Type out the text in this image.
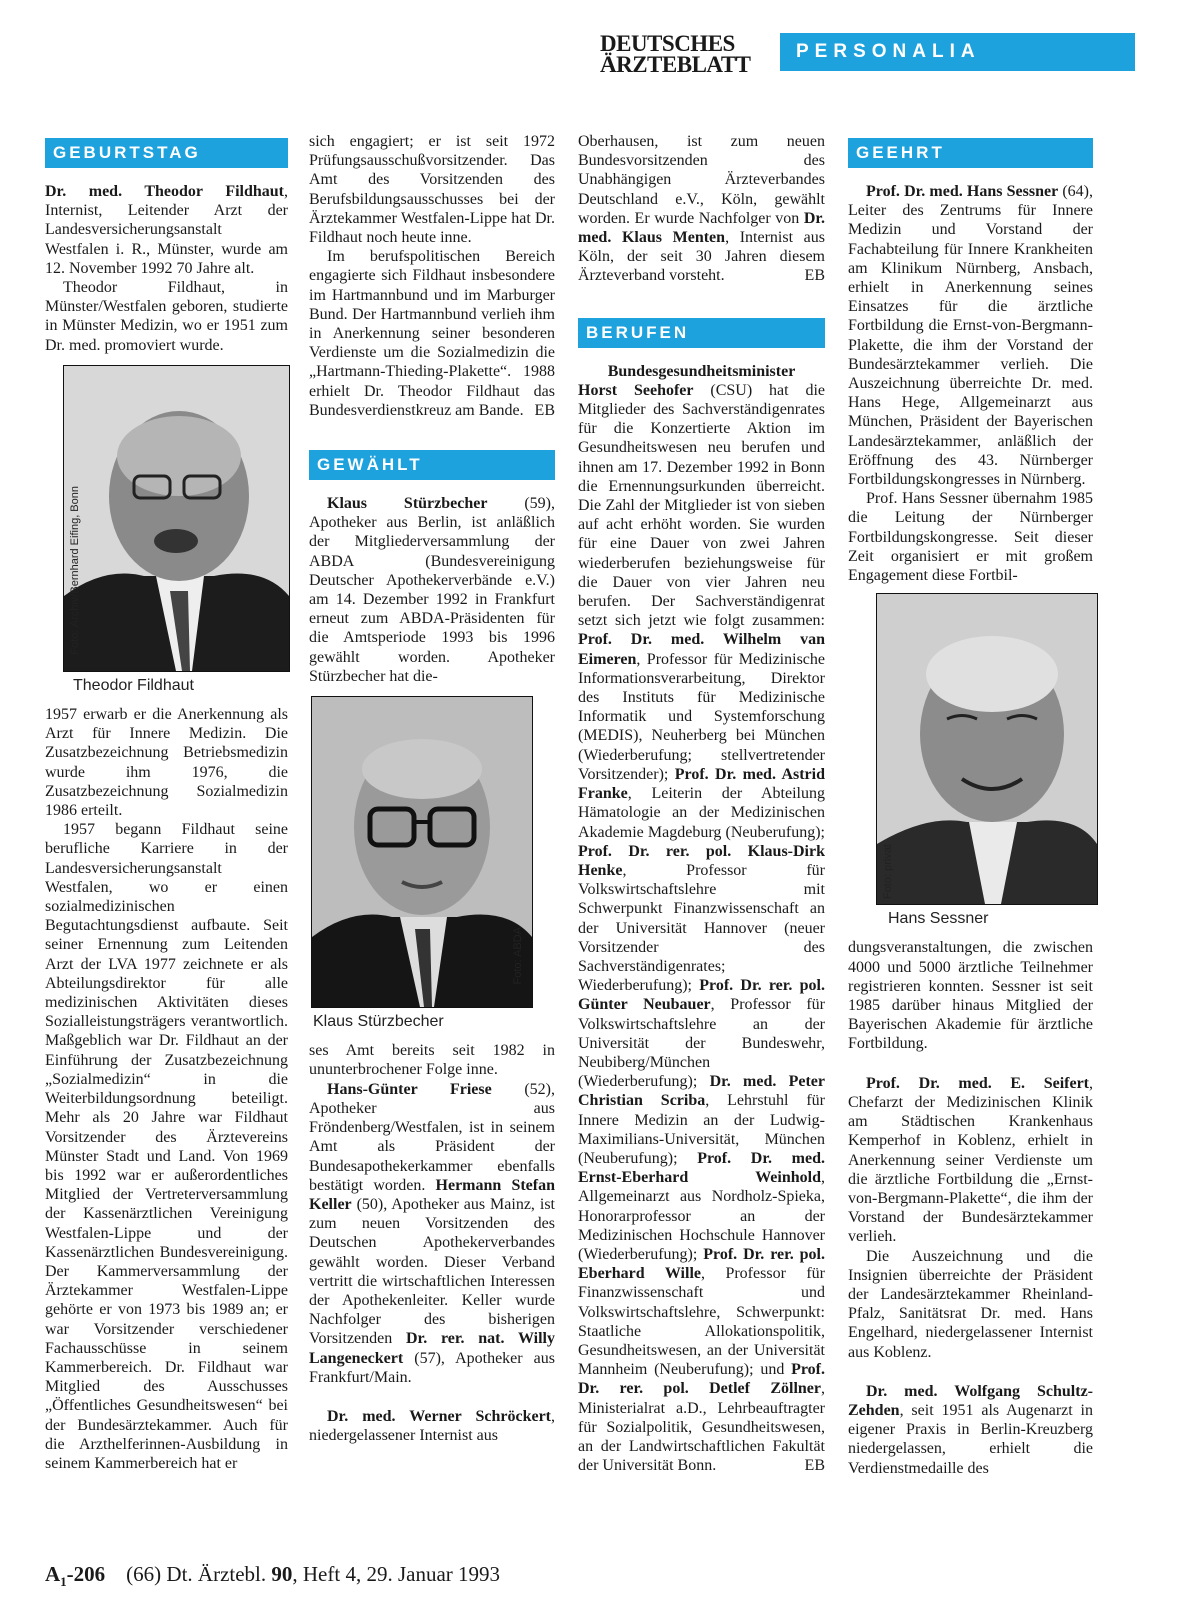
DEUTSCHES
ÄRZTEBLATT
PERSONALIA
GEBURTSTAG

Dr. med. Theodor Fildhaut, Internist, Leitender Arzt der Landesversicherungsanstalt Westfalen i. R., Münster, wurde am 12. November 1992 70 Jahre alt.

Theodor Fildhaut, in Münster/Westfalen geboren, studierte in Münster Medizin, wo er 1951 zum Dr. med. promoviert wurde.

Foto: Archiv/Bernhard Eifing, Bonn
Theodor Fildhaut

1957 erwarb er die Anerkennung als Arzt für Innere Medizin. Die Zusatzbezeichnung Betriebsmedizin wurde ihm 1976, die Zusatzbezeichnung Sozialmedizin 1986 erteilt.

1957 begann Fildhaut seine berufliche Karriere in der Landesversicherungsanstalt Westfalen, wo er einen sozialmedizinischen Begutachtungsdienst aufbaute. Seit seiner Ernennung zum Leitenden Arzt der LVA 1977 zeichnete er als Abteilungsdirektor für alle medizinischen Aktivitäten dieses Sozialleistungsträgers verantwortlich. Maßgeblich war Dr. Fildhaut an der Einführung der Zusatzbezeichnung „Sozialmedizin“ in die Weiterbildungsordnung beteiligt. Mehr als 20 Jahre war Fildhaut Vorsitzender des Ärztevereins Münster Stadt und Land. Von 1969 bis 1992 war er außerordentliches Mitglied der Vertreterversammlung der Kassenärztlichen Vereinigung Westfalen-Lippe und der Kassenärztlichen Bundesvereinigung. Der Kammerversammlung der Ärztekammer Westfalen-Lippe gehörte er von 1973 bis 1989 an; er war Vorsitzender verschiedener Fachausschüsse in seinem Kammerbereich. Dr. Fildhaut war Mitglied des Ausschusses „Öffentliches Gesundheitswesen“ bei der Bundesärztekammer. Auch für die Arzthelferinnen-Ausbildung in seinem Kammerbereich hat er

sich engagiert; er ist seit 1972 Prüfungsausschußvorsitzender. Das Amt des Vorsitzenden des Berufsbildungsausschusses bei der Ärztekammer Westfalen-Lippe hat Dr. Fildhaut noch heute inne.

Im berufspolitischen Bereich engagierte sich Fildhaut insbesondere im Hartmannbund und im Marburger Bund. Der Hartmannbund verlieh ihm in Anerkennung seiner besonderen Verdienste um die Sozialmedizin die „Hartmann-Thieding-Plakette“. 1988 erhielt Dr. Theodor Fildhaut das Bundesverdienstkreuz am Bande. EB

GEWÄHLT

Klaus Stürzbecher (59), Apotheker aus Berlin, ist anläßlich der Mitgliederversammlung der ABDA (Bundesvereinigung Deutscher Apothekerverbände e.V.) am 14. Dezember 1992 in Frankfurt erneut zum ABDA-Präsidenten für die Amtsperiode 1993 bis 1996 gewählt worden. Apotheker Stürzbecher hat die-

Foto: ABDA
Klaus Stürzbecher

ses Amt bereits seit 1982 in ununterbrochener Folge inne.

Hans-Günter Friese (52), Apotheker aus Fröndenberg/Westfalen, ist in seinem Amt als Präsident der Bundesapothekerkammer ebenfalls bestätigt worden. Hermann Stefan Keller (50), Apotheker aus Mainz, ist zum neuen Vorsitzenden des Deutschen Apothekerverbandes gewählt worden. Dieser Verband vertritt die wirtschaftlichen Interessen der Apothekenleiter. Keller wurde Nachfolger des bisherigen Vorsitzenden Dr. rer. nat. Willy Langeneckert (57), Apotheker aus Frankfurt/Main.

Dr. med. Werner Schröckert, niedergelassener Internist aus

Oberhausen, ist zum neuen Bundesvorsitzenden des Unabhängigen Ärzteverbandes Deutschland e.V., Köln, gewählt worden. Er wurde Nachfolger von Dr. med. Klaus Menten, Internist aus Köln, der seit 30 Jahren diesem Ärzteverband vorsteht.	EB

BERUFEN

Bundesgesundheitsminister

Horst Seehofer (CSU) hat die Mitglieder des Sachverständigenrates für die Konzertierte Aktion im Gesundheitswesen neu berufen und ihnen am 17. Dezember 1992 in Bonn die Ernennungsurkunden überreicht. Die Zahl der Mitglieder ist von sieben auf acht erhöht worden. Sie wurden für eine Dauer von zwei Jahren wiederberufen beziehungsweise für die Dauer von vier Jahren neu berufen. Der Sachverständigenrat setzt sich jetzt wie folgt zusammen: Prof. Dr. med. Wilhelm van Eimeren, Professor für Medizinische Informationsverarbeitung, Direktor des Instituts für Medizinische Informatik und Systemforschung (MEDIS), Neuherberg bei München (Wiederberufung; stellvertretender Vorsitzender); Prof. Dr. med. Astrid Franke, Leiterin der Abteilung Hämatologie an der Medizinischen Akademie Magdeburg (Neuberufung); Prof. Dr. rer. pol. Klaus-Dirk Henke, Professor für Volkswirtschaftslehre mit Schwerpunkt Finanzwissenschaft an der Universität Hannover (neuer Vorsitzender des Sachverständigenrates; Wiederberufung); Prof. Dr. rer. pol. Günter Neubauer, Professor für Volkswirtschaftslehre an der Universität der Bundeswehr, Neubiberg/München (Wiederberufung); Dr. med. Peter Christian Scriba, Lehrstuhl für Innere Medizin an der Ludwig-Maximilians-Universität, München (Neuberufung); Prof. Dr. med. Ernst-Eberhard Weinhold, Allgemeinarzt aus Nordholz-Spieka, Honorarprofessor an der Medizinischen Hochschule Hannover (Wiederberufung); Prof. Dr. rer. pol. Eberhard Wille, Professor für Finanzwissenschaft und Volkswirtschaftslehre, Schwerpunkt: Staatliche Allokationspolitik, Gesundheitswesen, an der Universität Mannheim (Neuberufung); und Prof. Dr. rer. pol. Detlef Zöllner, Ministerialrat a.D., Lehrbeauftragter für Sozialpolitik, Gesundheitswesen, an der Landwirtschaftlichen Fakultät der Universität Bonn.	EB

GEEHRT

Prof. Dr. med. Hans Sessner (64), Leiter des Zentrums für Innere Medizin und Vorstand der Fachabteilung für Innere Krankheiten am Klinikum Nürnberg, Ansbach, erhielt in Anerkennung seines Einsatzes für die ärztliche Fortbildung die Ernst-von-Bergmann-Plakette, die ihm der Vorstand der Bundesärztekammer verlieh. Die Auszeichnung überreichte Dr. med. Hans Hege, Allgemeinarzt aus München, Präsident der Bayerischen Landesärztekammer, anläßlich der Eröffnung des 43. Nürnberger Fortbildungskongresses in Nürnberg.

Prof. Hans Sessner übernahm 1985 die Leitung der Nürnberger Fortbildungskongresse. Seit dieser Zeit organisiert er mit großem Engagement diese Fortbil-

Foto: privat
Hans Sessner

dungsveranstaltungen, die zwischen 4000 und 5000 ärztliche Teilnehmer registrieren konnten. Sessner ist seit 1985 darüber hinaus Mitglied der Bayerischen Akademie für ärztliche Fortbildung.

Prof. Dr. med. E. Seifert, Chefarzt der Medizinischen Klinik am Städtischen Krankenhaus Kemperhof in Koblenz, erhielt in Anerkennung seiner Verdienste um die ärztliche Fortbildung die „Ernst-von-Bergmann-Plakette“, die ihm der Vorstand der Bundesärztekammer verlieh.

Die Auszeichnung und die Insignien überreichte der Präsident der Landesärztekammer Rheinland-Pfalz, Sanitätsrat Dr. med. Hans Engelhard, niedergelassener Internist aus Koblenz.

Dr. med. Wolfgang Schultz-Zehden, seit 1951 als Augenarzt in eigener Praxis in Berlin-Kreuzberg niedergelassen, erhielt die Verdienstmedaille des

$A_1-206$ (66) Dt. Ärztebl. 90, Heft 4, 29. Januar 1993
